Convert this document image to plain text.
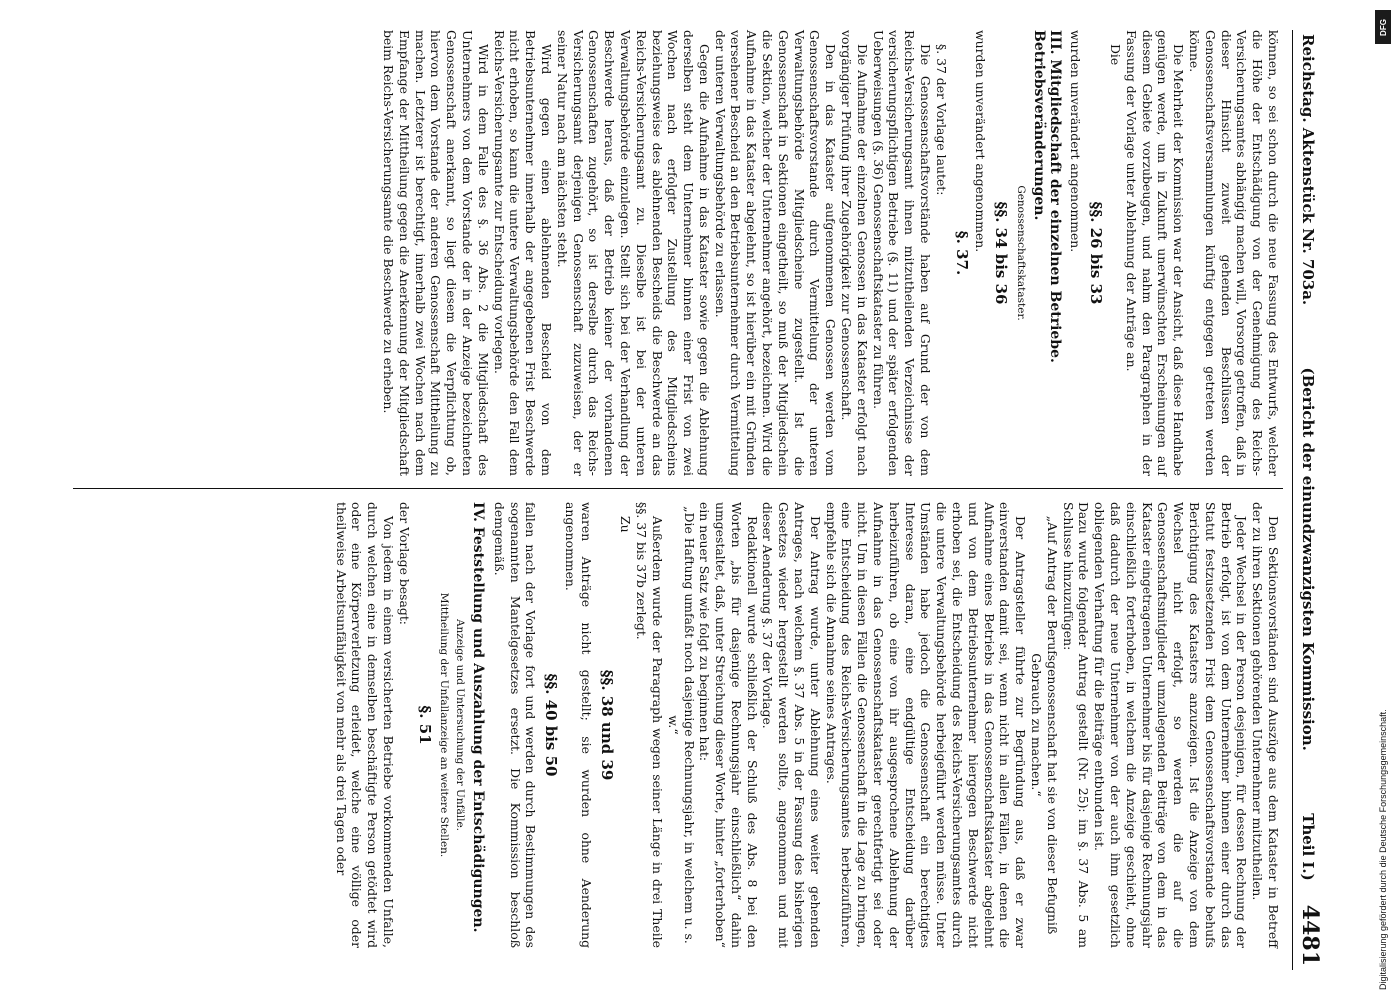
Reichstag. Aktenstück Nr. 703a.
(Bericht der einundzwanzigsten Kommission.
Theil I.)
4481

können, so sei schon durch die neue Fassung des Entwurfs, welcher die Höhe der Entschädigung von der Genehmigung des Reichs-Versicherungsamtes abhängig machen will, Vorsorge getroffen, daß in dieser Hinsicht zuweit gehenden Beschlüssen der Genossenschaftsversammlungen künftig entgegen getreten werden könne.

Die Mehrheit der Kommission war der Ansicht, daß diese Handhabe genügen werde, um in Zukunft unerwünschten Erscheinungen auf diesem Gebiete vorzubeugen, und nahm den Paragraphen in der Fassung der Vorlage unter Ablehnung der Anträge an.

Die

§§. 26 bis 33

wurden unverändert angenommen.

III. Mitgliedschaft der einzelnen Betriebe. Betriebsveränderungen.
Genossenschaftskataster.
§§. 34 bis 36

wurden unverändert angenommen.

§. 37.

§. 37 der Vorlage lautet:

Die Genossenschaftsvorstände haben auf Grund der von dem Reichs-Versicherungsamt ihnen mitzutheilenden Verzeichnisse der versicherungspflichtigen Betriebe (§. 11) und der später erfolgenden Ueberweisungen (§. 36) Genossenschaftskataster zu führen.

Die Aufnahme der einzelnen Genossen in das Kataster erfolgt nach vorgängiger Prüfung ihrer Zugehörigkeit zur Genossenschaft.

Den in das Kataster aufgenommenen Genossen werden vom Genossenschaftsvorstande durch Vermittelung der unteren Verwaltungsbehörde Mitgliedscheine zugestellt. Ist die Genossenschaft in Sektionen eingetheilt, so muß der Mitgliedschein die Sektion, welcher der Unternehmer angehört, bezeichnen. Wird die Aufnahme in das Kataster abgelehnt, so ist hierüber ein mit Gründen versehener Bescheid an den Betriebsunternehmer durch Vermittelung der unteren Verwaltungsbehörde zu erlassen.

Gegen die Aufnahme in das Kataster sowie gegen die Ablehnung derselben steht dem Unternehmer binnen einer Frist von zwei Wochen nach erfolgter Zustellung des Mitgliedscheins beziehungsweise des ablehnenden Bescheids die Beschwerde an das Reichs-Versicherungsamt zu. Dieselbe ist bei der unteren Verwaltungsbehörde einzulegen. Stellt sich bei der Verhandlung der Beschwerde heraus, daß der Betrieb keiner der vorhandenen Genossenschaften zugehört, so ist derselbe durch das Reichs-Versicherungsamt derjenigen Genossenschaft zuzuweisen, der er seiner Natur nach am nächsten steht.

Wird gegen einen ablehnenden Bescheid von dem Betriebsunternehmer innerhalb der angegebenen Frist Beschwerde nicht erhoben, so kann die untere Verwaltungsbehörde den Fall dem Reichs-Versicherungsamte zur Entscheidung vorlegen.

Wird in dem Falle des §. 36 Abs. 2 die Mitgliedschaft des Unternehmers von dem Vorstande der in der Anzeige bezeichneten Genossenschaft anerkannt, so liegt diesem die Verpflichtung ob, hiervon dem Vorstande der anderen Genossenschaft Mittheilung zu machen. Letzterer ist berechtigt, innerhalb zwei Wochen nach dem Empfange der Mittheilung gegen die Anerkennung der Mitgliedschaft beim Reichs-Versicherungsamte die Beschwerde zu erheben.

Den Sektionsvorständen sind Auszüge aus dem Kataster in Betreff der zu ihren Sektionen gehörenden Unternehmer mitzutheilen.

Jeder Wechsel in der Person desjenigen, für dessen Rechnung der Betrieb erfolgt, ist von dem Unternehmer binnen einer durch das Statut festzusetzenden Frist dem Genossenschaftsvorstande behufs Berichtigung des Katasters anzuzeigen. Ist die Anzeige von dem Wechsel nicht erfolgt, so werden die auf die Genossenschaftsmitglieder umzulegenden Beiträge von dem in das Kataster eingetragenen Unternehmer bis für dasjenige Rechnungsjahr einschließlich forterhoben, in welchem die Anzeige geschieht, ohne daß dadurch der neue Unternehmer von der auch ihm gesetzlich obliegenden Verhaftung für die Beiträge entbunden ist.

Dazu wurde folgender Antrag gestellt (Nr. 25): im §. 37 Abs. 5 am Schlusse hinzuzufügen:

„Auf Antrag der Berufsgenossenschaft hat sie von dieser Befugniß Gebrauch zu machen.“

Der Antragsteller führte zur Begründung aus, daß er zwar einverstanden damit sei, wenn nicht in allen Fällen, in denen die Aufnahme eines Betriebs in das Genossenschaftskataster abgelehnt und von dem Betriebsunternehmer hiergegen Beschwerde nicht erhoben sei, die Entscheidung des Reichs-Versicherungsamtes durch die untere Verwaltungsbehörde herbeigeführt werden müsse. Unter Umständen habe jedoch die Genossenschaft ein berechtigtes Interesse daran, eine endgültige Entscheidung darüber herbeizuführen, ob eine von ihr ausgesprochene Ablehnung der Aufnahme in das Genossenschaftskataster gerechtfertigt sei oder nicht. Um in diesen Fällen die Genossenschaft in die Lage zu bringen, eine Entscheidung des Reichs-Versicherungsamtes herbeizuführen, empfehle sich die Annahme seines Antrages.

Der Antrag wurde, unter Ablehnung eines weiter gehenden Antrages, nach welchem §. 37 Abs. 5 in der Fassung des bisherigen Gesetzes wieder hergestellt werden sollte, angenommen und mit dieser Aenderung §. 37 der Vorlage.

Redaktionell wurde schließlich der Schluß des Abs. 8 bei den Worten „bis für dasjenige Rechnungsjahr einschließlich“ dahin umgestaltet, daß, unter Streichung dieser Worte, hinter „forterhoben“ ein neuer Satz wie folgt zu beginnen hat:

„Die Haftung umfaßt noch dasjenige Rechnungsjahr, in welchem u. s. w.“

Außerdem wurde der Paragraph wegen seiner Länge in drei Theile §§. 37 bis 37b zerlegt.

Zu

§§. 38 und 39

waren Anträge nicht gestellt; sie wurden ohne Aenderung angenommen.

§§. 40 bis 50

fallen nach der Vorlage fort und werden durch Bestimmungen des sogenannten Mantelgesetzes ersetzt. Die Kommission beschloß demgemäß.

IV. Feststellung und Auszahlung der Entschädigungen.
Anzeige und Untersuchung der Unfälle.
Mittheilung der Unfallanzeige an weitere Stellen.
§. 51

der Vorlage besagt:

Von jedem in einem versicherten Betriebe vorkommenden Unfalle, durch welchen eine in demselben beschäftigte Person getödtet wird oder eine Körperverletzung erleidet, welche eine völlige oder theilweise Arbeitsunfähigkeit von mehr als drei Tagen oder

DFG
Digitalisierung gefördert durch die Deutsche Forschungsgemeinschaft.
